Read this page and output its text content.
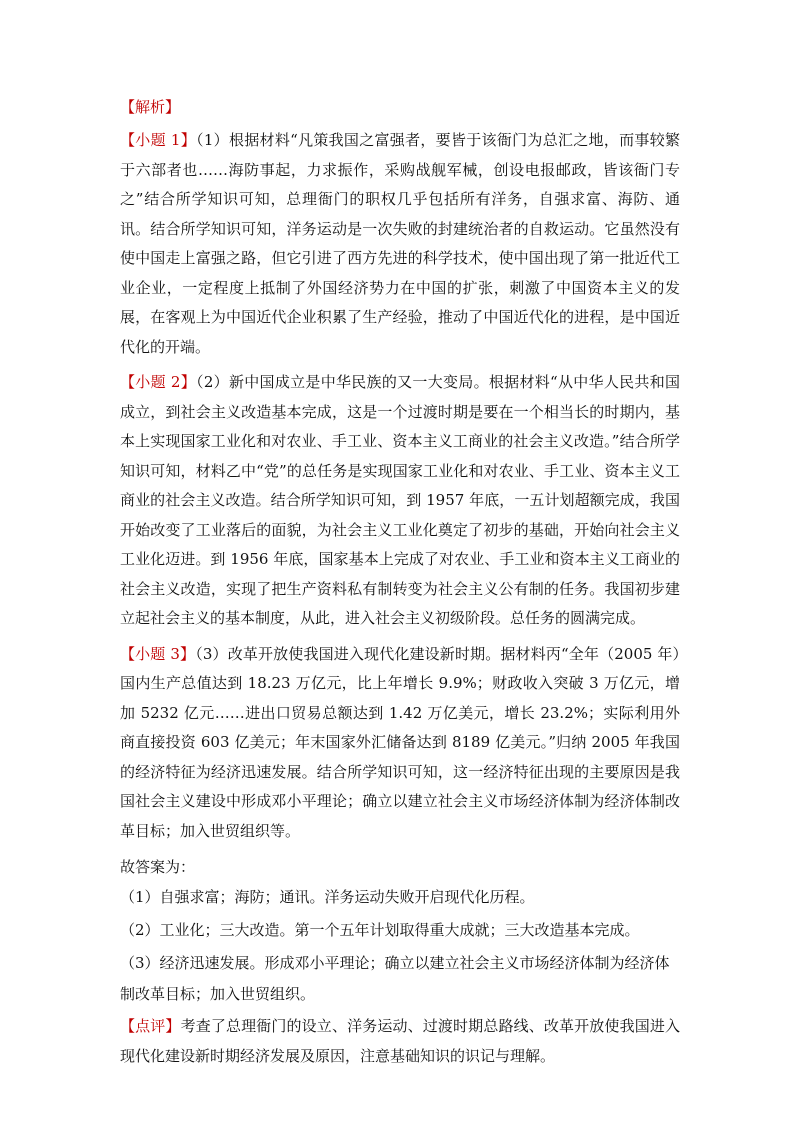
【解析】

【小题 1】（1）根据材料“凡策我国之富强者，要皆于该衙门为总汇之地，而事较繁于六部者也……海防事起，力求振作，采购战舰军械，创设电报邮政，皆该衙门专之”结合所学知识可知，总理衙门的职权几乎包括所有洋务，自强求富、海防、通讯。结合所学知识可知，洋务运动是一次失败的封建统治者的自救运动。它虽然没有使中国走上富强之路，但它引进了西方先进的科学技术，使中国出现了第一批近代工业企业，一定程度上抵制了外国经济势力在中国的扩张，刺激了中国资本主义的发展，在客观上为中国近代企业积累了生产经验，推动了中国近代化的进程，是中国近代化的开端。

【小题 2】（2）新中国成立是中华民族的又一大变局。根据材料“从中华人民共和国成立，到社会主义改造基本完成，这是一个过渡时期是要在一个相当长的时期内，基本上实现国家工业化和对农业、手工业、资本主义工商业的社会主义改造。”结合所学知识可知，材料乙中“党”的总任务是实现国家工业化和对农业、手工业、资本主义工商业的社会主义改造。结合所学知识可知，到 1957 年底，一五计划超额完成，我国开始改变了工业落后的面貌，为社会主义工业化奠定了初步的基础，开始向社会主义工业化迈进。到 1956 年底，国家基本上完成了对农业、手工业和资本主义工商业的社会主义改造，实现了把生产资料私有制转变为社会主义公有制的任务。我国初步建立起社会主义的基本制度，从此，进入社会主义初级阶段。总任务的圆满完成。

【小题 3】（3）改革开放使我国进入现代化建设新时期。据材料丙“全年（2005 年）国内生产总值达到 18.23 万亿元，比上年增长 9.9%；财政收入突破 3 万亿元，增加 5232 亿元……进出口贸易总额达到 1.42 万亿美元，增长 23.2%；实际利用外商直接投资 603 亿美元；年末国家外汇储备达到 8189 亿美元。”归纳 2005 年我国的经济特征为经济迅速发展。结合所学知识可知，这一经济特征出现的主要原因是我国社会主义建设中形成邓小平理论；确立以建立社会主义市场经济体制为经济体制改革目标；加入世贸组织等。

故答案为：

（1）自强求富；海防；通讯。洋务运动失败开启现代化历程。

（2）工业化；三大改造。第一个五年计划取得重大成就；三大改造基本完成。

（3）经济迅速发展。形成邓小平理论；确立以建立社会主义市场经济体制为经济体制改革目标；加入世贸组织。

【点评】考查了总理衙门的设立、洋务运动、过渡时期总路线、改革开放使我国进入现代化建设新时期经济发展及原因，注意基础知识的识记与理解。
